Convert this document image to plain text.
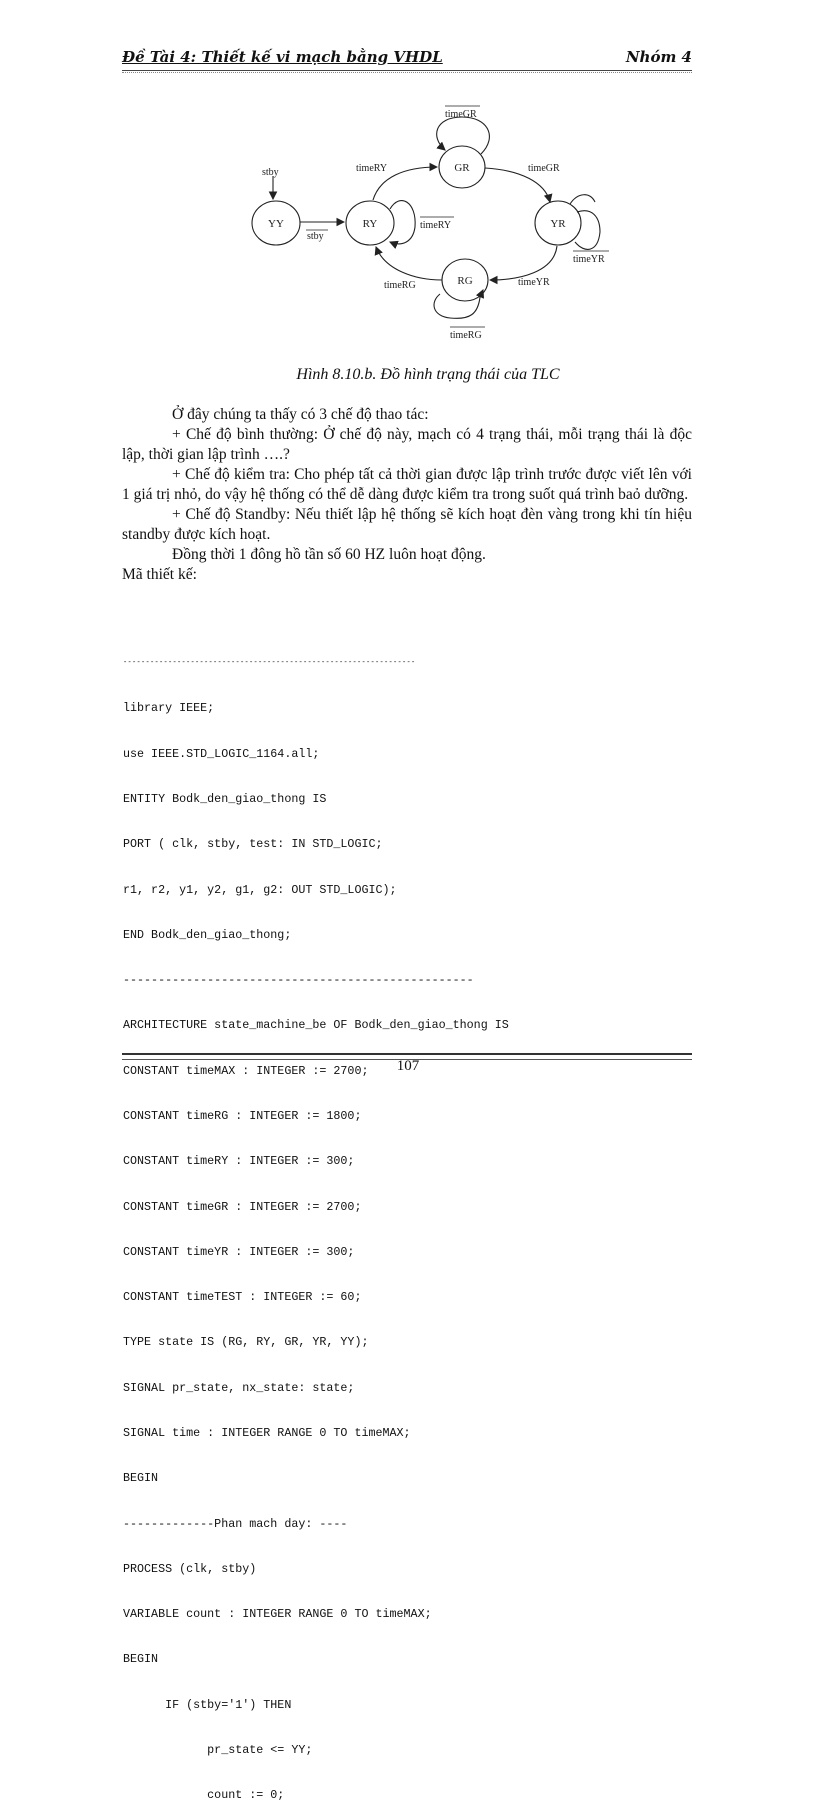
Đề Tài 4: Thiết kế vi mạch bằng VHDL	Nhóm 4
YY	RY
GR
YR
RG
stby
stby
timeRY
timeRY
timeGR
timeGR
timeYR
timeYR
timeRG
timeRG
Hình 8.10.b. Đồ hình trạng thái của TLC

Ở đây chúng ta thấy có 3 chế độ thao tác:

+ Chế độ bình thường: Ở chế độ này, mạch có 4 trạng thái, mỗi trạng thái là độc lập, thời gian lập trình ….?

+ Chế độ kiểm tra: Cho phép tất cả thời gian được lập trình trước được viết lên với 1 giá trị nhỏ, do vậy hệ thống có thể dễ dàng được kiểm tra trong suốt quá trình baỏ dưỡng.

+ Chế độ Standby: Nếu thiết lập hệ thống sẽ kích hoạt đèn vàng trong khi tín hiệu standby được kích hoạt.

Đồng thời 1 đông hồ tần số 60 HZ luôn hoạt động.

Mã thiết kế:

-----------------------------------------------------------------

library IEEE;

use IEEE.STD_LOGIC_1164.all;

ENTITY Bodk_den_giao_thong IS

PORT ( clk, stby, test: IN STD_LOGIC;

r1, r2, y1, y2, g1, g2: OUT STD_LOGIC);

END Bodk_den_giao_thong;

--------------------------------------------------

ARCHITECTURE state_machine_be OF Bodk_den_giao_thong IS

CONSTANT timeMAX : INTEGER := 2700;

CONSTANT timeRG : INTEGER := 1800;

CONSTANT timeRY : INTEGER := 300;

CONSTANT timeGR : INTEGER := 2700;

CONSTANT timeYR : INTEGER := 300;

CONSTANT timeTEST : INTEGER := 60;

TYPE state IS (RG, RY, GR, YR, YY);

SIGNAL pr_state, nx_state: state;

SIGNAL time : INTEGER RANGE 0 TO timeMAX;

BEGIN

-------------Phan mach day: ----

PROCESS (clk, stby)

VARIABLE count : INTEGER RANGE 0 TO timeMAX;

BEGIN

IF (stby='1') THEN

pr_state <= YY;

count := 0;

107
